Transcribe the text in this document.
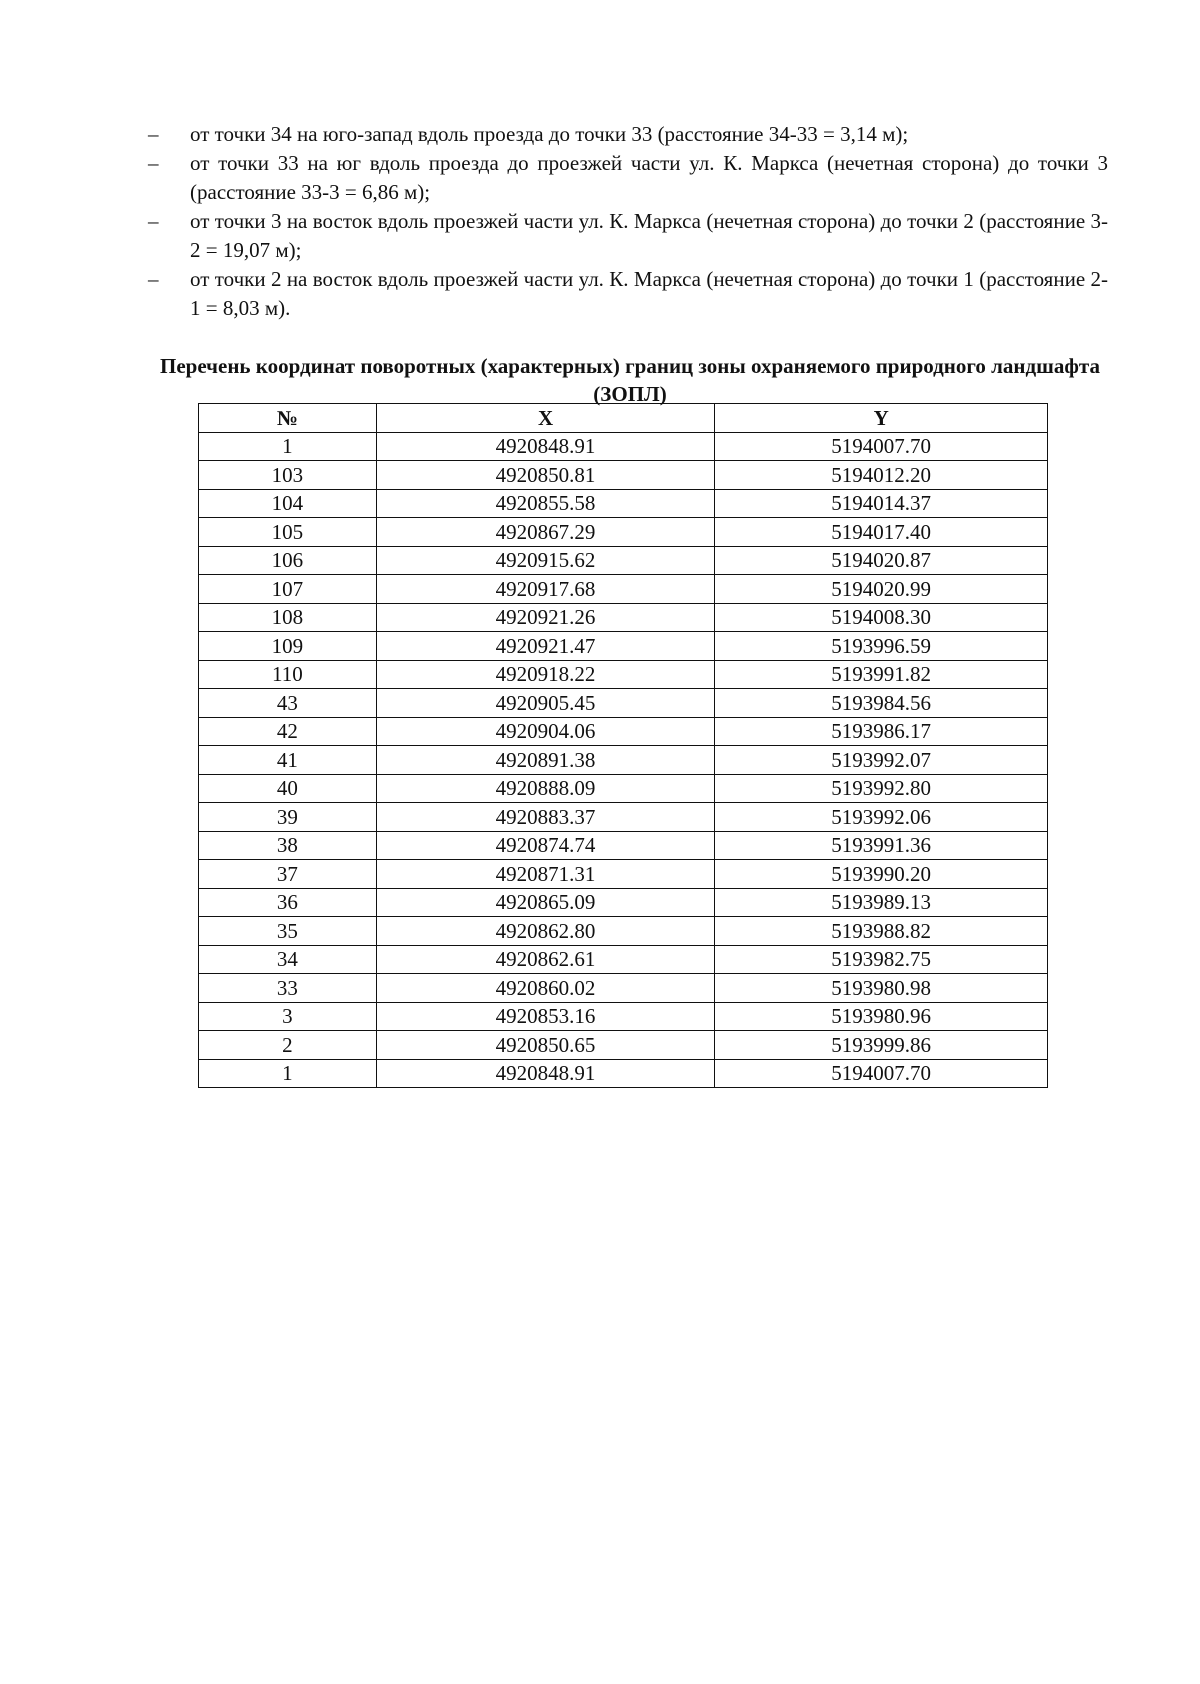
– от точки 34 на юго-запад вдоль проезда до точки 33 (расстояние 34-33 = 3,14 м);
– от точки 33 на юг вдоль проезда до проезжей части ул. К. Маркса (нечетная сторона) до точки 3 (расстояние 33-3 = 6,86 м);
– от точки 3 на восток вдоль проезжей части ул. К. Маркса (нечетная сторона) до точки 2 (расстояние 3-2 = 19,07 м);
– от точки 2 на восток вдоль проезжей части ул. К. Маркса (нечетная сторона) до точки 1 (расстояние 2-1 = 8,03 м).

Перечень координат поворотных (характерных) границ зоны охраняемого природного ландшафта (ЗОПЛ)

№	X	Y
1	4920848.91	5194007.70
103	4920850.81	5194012.20
104	4920855.58	5194014.37
105	4920867.29	5194017.40
106	4920915.62	5194020.87
107	4920917.68	5194020.99
108	4920921.26	5194008.30
109	4920921.47	5193996.59
110	4920918.22	5193991.82
43	4920905.45	5193984.56
42	4920904.06	5193986.17
41	4920891.38	5193992.07
40	4920888.09	5193992.80
39	4920883.37	5193992.06
38	4920874.74	5193991.36
37	4920871.31	5193990.20
36	4920865.09	5193989.13
35	4920862.80	5193988.82
34	4920862.61	5193982.75
33	4920860.02	5193980.98
3	4920853.16	5193980.96
2	4920850.65	5193999.86
1	4920848.91	5194007.70
